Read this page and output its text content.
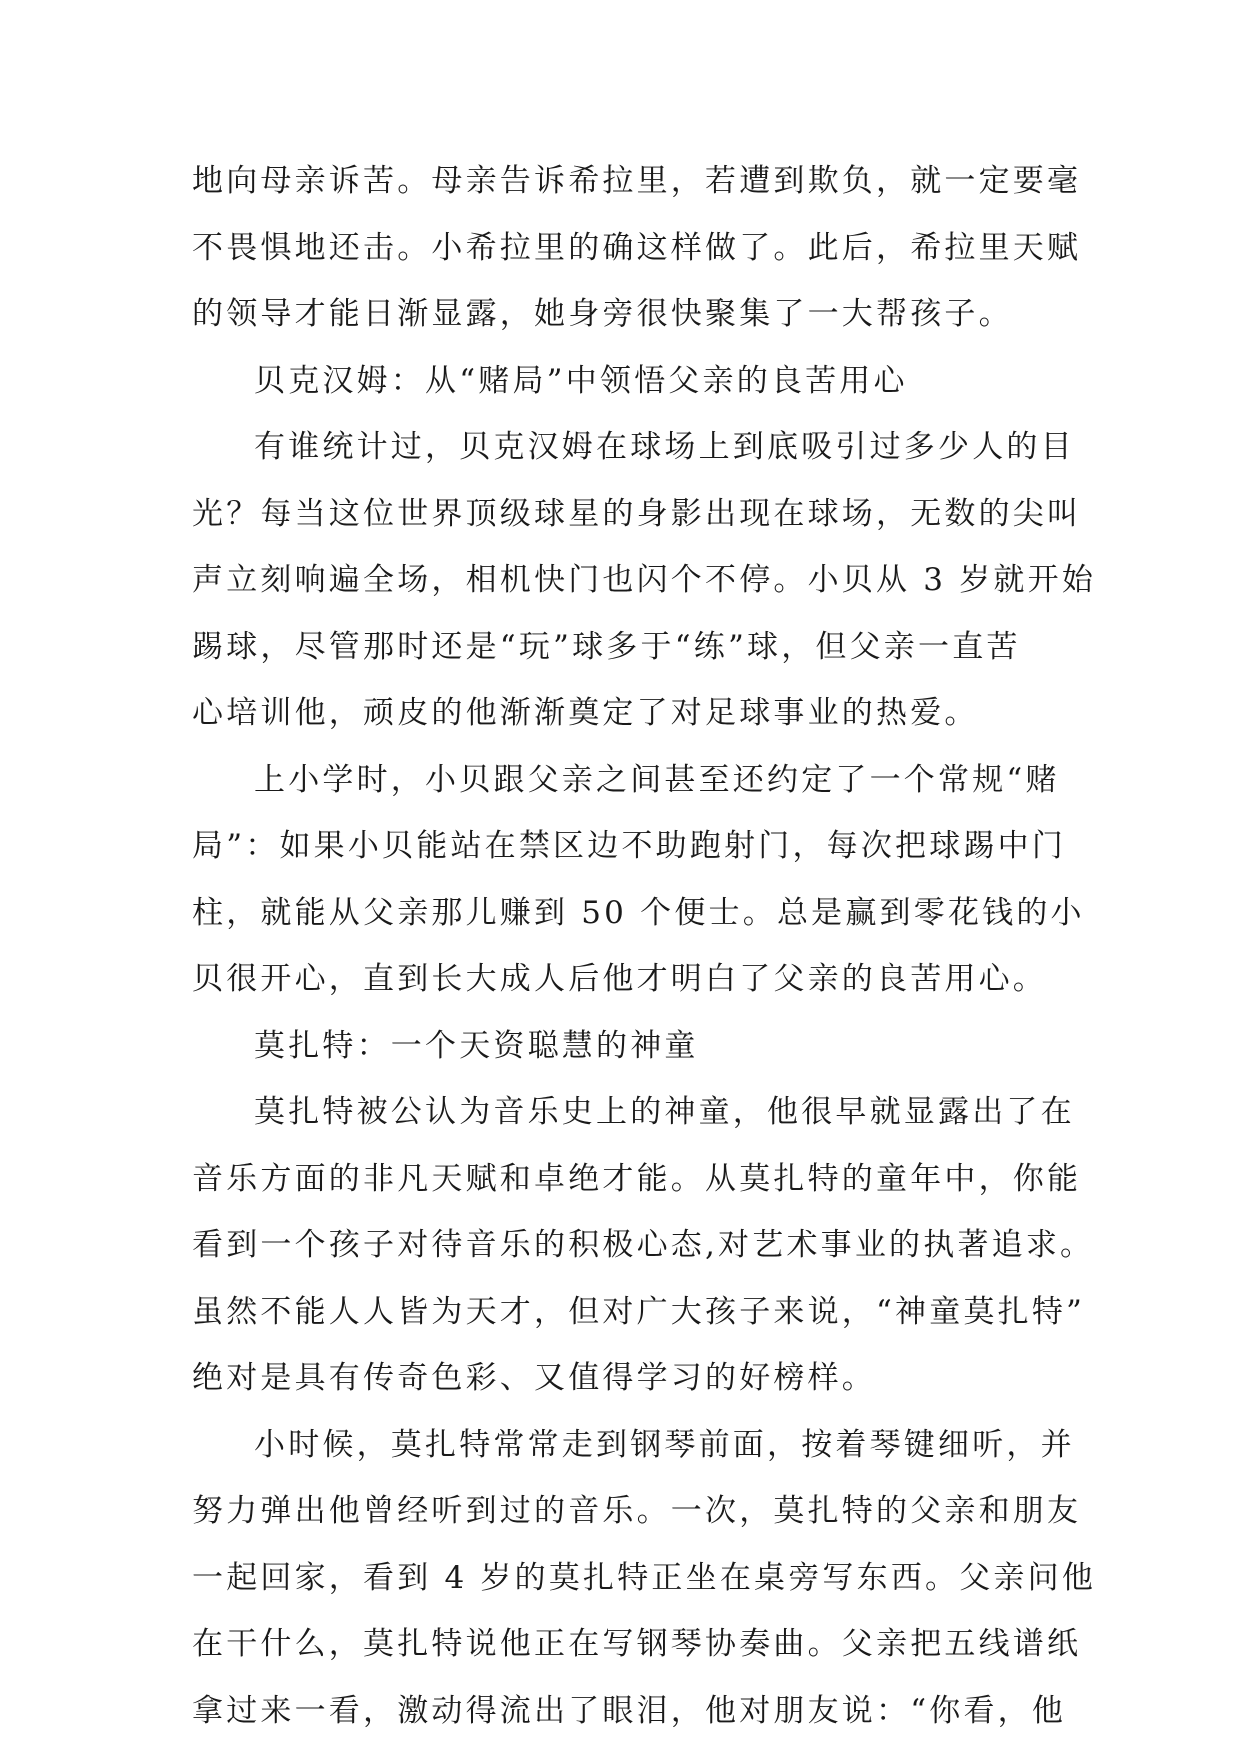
地向母亲诉苦。母亲告诉希拉里，若遭到欺负，就一定要毫
不畏惧地还击。小希拉里的确这样做了。此后，希拉里天赋
的领导才能日渐显露，她身旁很快聚集了一大帮孩子。
贝克汉姆：从“赌局”中领悟父亲的良苦用心
有谁统计过，贝克汉姆在球场上到底吸引过多少人的目
光？每当这位世界顶级球星的身影出现在球场，无数的尖叫
声立刻响遍全场，相机快门也闪个不停。小贝从 3 岁就开始
踢球，尽管那时还是“玩”球多于“练”球，但父亲一直苦
心培训他，顽皮的他渐渐奠定了对足球事业的热爱。
上小学时，小贝跟父亲之间甚至还约定了一个常规“赌
局”：如果小贝能站在禁区边不助跑射门，每次把球踢中门
柱，就能从父亲那儿赚到 50 个便士。总是赢到零花钱的小
贝很开心，直到长大成人后他才明白了父亲的良苦用心。
莫扎特：一个天资聪慧的神童
莫扎特被公认为音乐史上的神童，他很早就显露出了在
音乐方面的非凡天赋和卓绝才能。从莫扎特的童年中，你能
看到一个孩子对待音乐的积极心态,对艺术事业的执著追求。
虽然不能人人皆为天才，但对广大孩子来说，“神童莫扎特”
绝对是具有传奇色彩、又值得学习的好榜样。
小时候，莫扎特常常走到钢琴前面，按着琴键细听，并
努力弹出他曾经听到过的音乐。一次，莫扎特的父亲和朋友
一起回家，看到 4 岁的莫扎特正坐在桌旁写东西。父亲问他
在干什么，莫扎特说他正在写钢琴协奏曲。父亲把五线谱纸
拿过来一看，激动得流出了眼泪，他对朋友说：“你看，他
